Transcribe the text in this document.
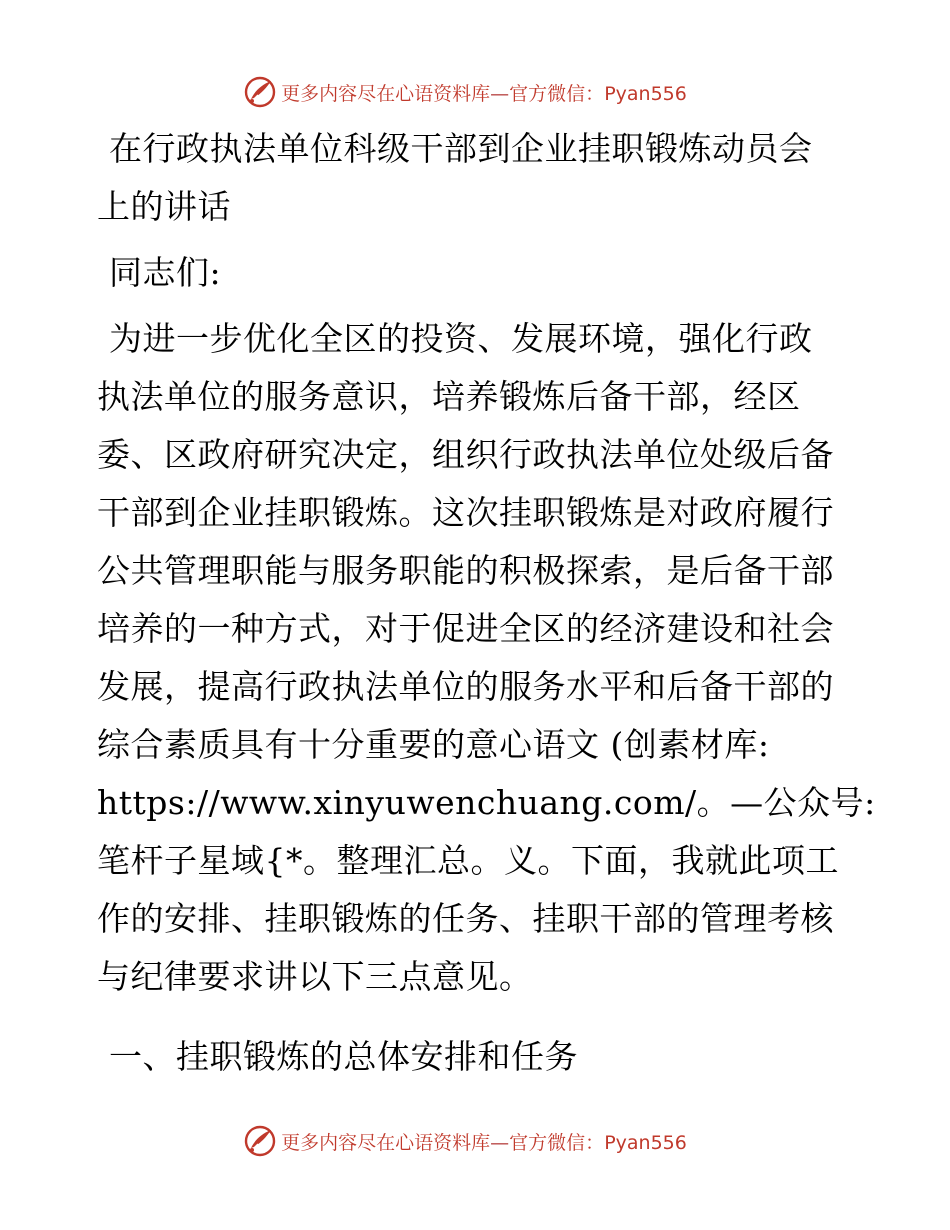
更多内容尽在心语资料库—官方微信：Pyan556
在行政执法单位科级干部到企业挂职锻炼动员会
上的讲话
同志们:
为进一步优化全区的投资、发展环境，强化行政
执法单位的服务意识，培养锻炼后备干部，经区
委、区政府研究决定，组织行政执法单位处级后备
干部到企业挂职锻炼。这次挂职锻炼是对政府履行
公共管理职能与服务职能的积极探索，是后备干部
培养的一种方式，对于促进全区的经济建设和社会
发展，提高行政执法单位的服务水平和后备干部的
综合素质具有十分重要的意心语文 (创素材库:
https://www.xinyuwenchuang.com/。—公众号:
笔杆子星域{*。整理汇总。义。下面，我就此项工
作的安排、挂职锻炼的任务、挂职干部的管理考核
与纪律要求讲以下三点意见。
一、挂职锻炼的总体安排和任务
更多内容尽在心语资料库—官方微信：Pyan556
